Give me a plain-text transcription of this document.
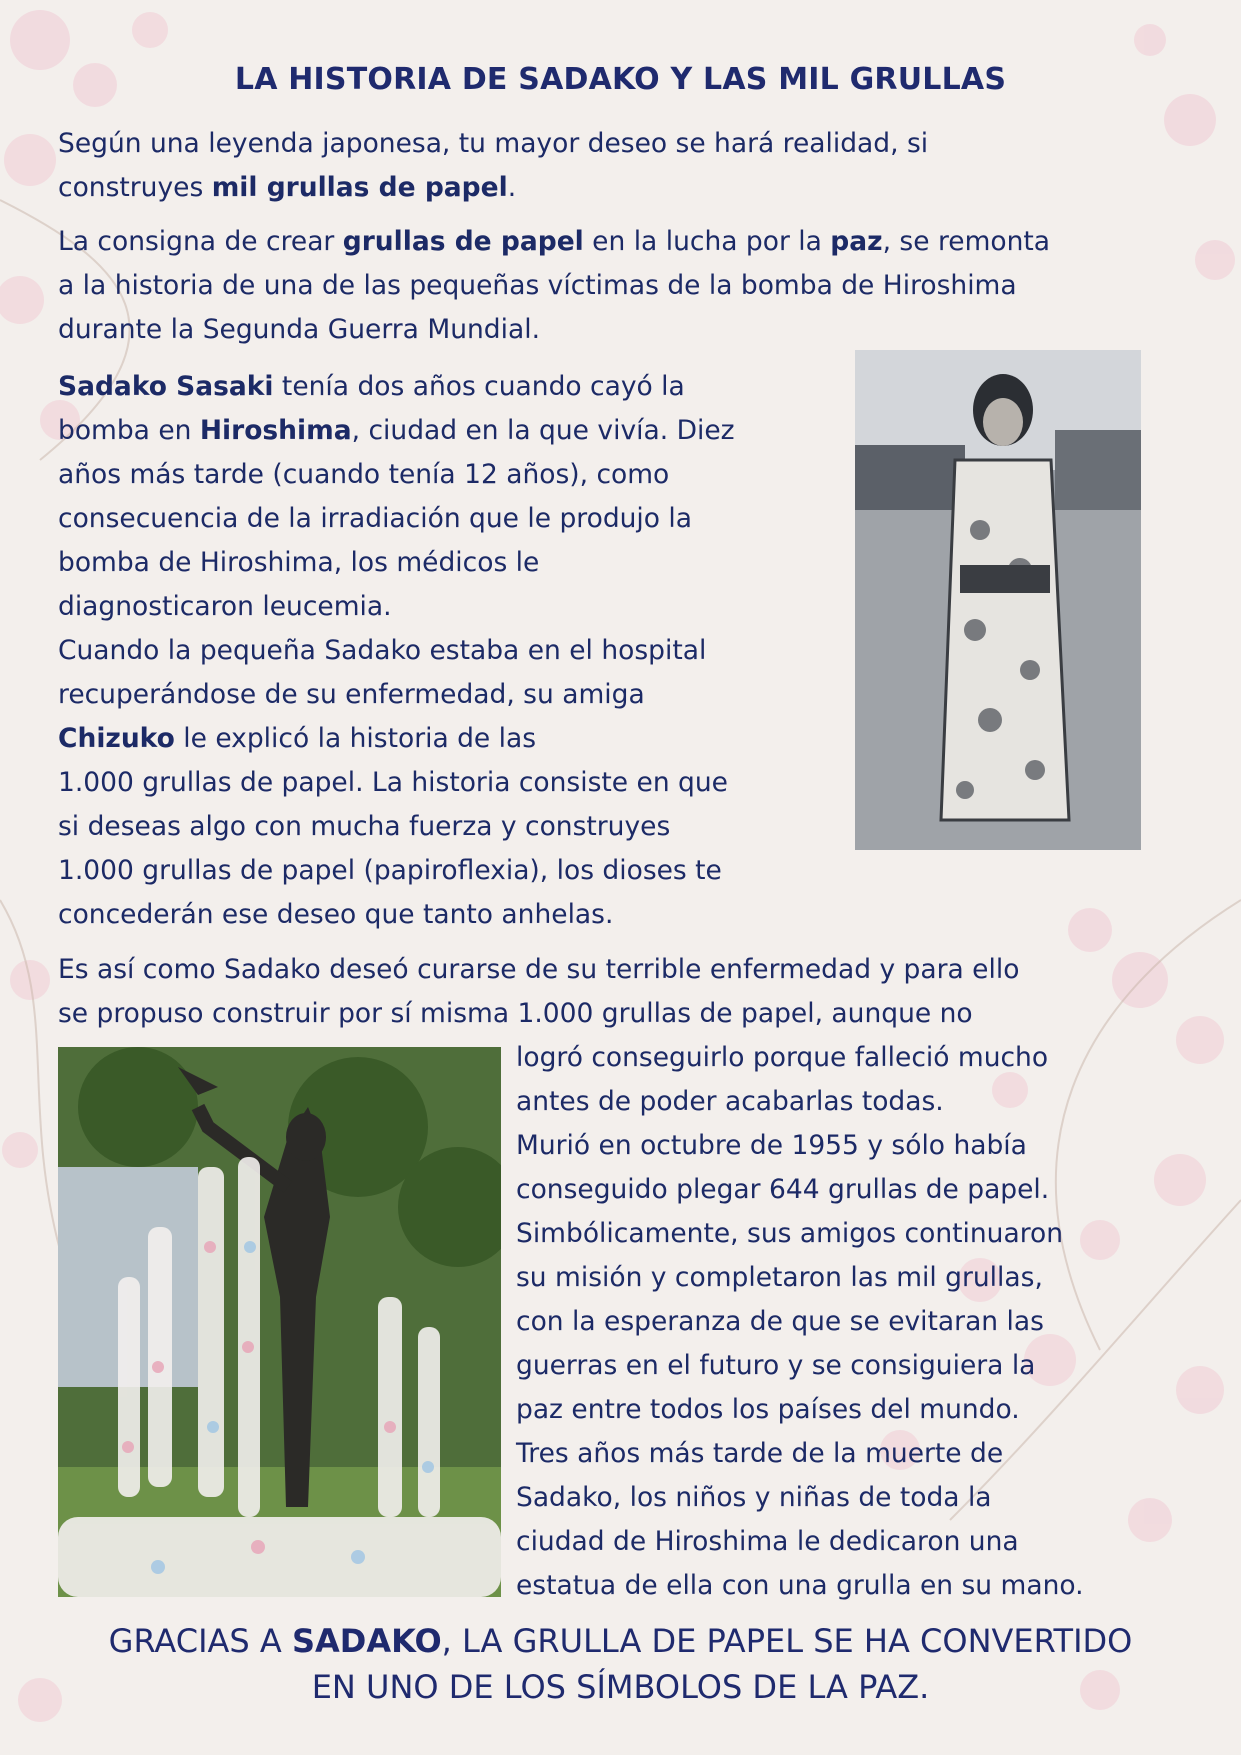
LA HISTORIA DE SADAKO Y LAS MIL GRULLAS
Según una leyenda japonesa, tu mayor deseo se hará realidad, si
construyes mil grullas de papel.
La consigna de crear grullas de papel en la lucha por la paz, se remonta
a la historia de una de las pequeñas víctimas de la bomba de Hiroshima
durante la Segunda Guerra Mundial.
Sadako Sasaki tenía dos años cuando cayó la
bomba en Hiroshima, ciudad en la que vivía. Diez
años más tarde (cuando tenía 12 años), como
consecuencia de la irradiación que le produjo la
bomba de Hiroshima, los médicos le
diagnosticaron leucemia.
Cuando la pequeña Sadako estaba en el hospital
recuperándose de su enfermedad, su amiga
Chizuko le explicó la historia de las
1.000 grullas de papel. La historia consiste en que
si deseas algo con mucha fuerza y construyes
1.000 grullas de papel (papiroflexia), los dioses te
concederán ese deseo que tanto anhelas.
Es así como Sadako deseó curarse de su terrible enfermedad y para ello
se propuso construir por sí misma 1.000 grullas de papel, aunque no
logró conseguirlo porque falleció mucho
antes de poder acabarlas todas.
Murió en octubre de 1955 y sólo había
conseguido plegar 644 grullas de papel.
Simbólicamente, sus amigos continuaron
su misión y completaron las mil grullas,
con la esperanza de que se evitaran las
guerras en el futuro y se consiguiera la
paz entre todos los países del mundo.
Tres años más tarde de la muerte de
Sadako, los niños y niñas de toda la
ciudad de Hiroshima le dedicaron una
estatua de ella con una grulla en su mano.
GRACIAS A SADAKO, LA GRULLA DE PAPEL SE HA CONVERTIDO
EN UNO DE LOS SÍMBOLOS DE LA PAZ.
